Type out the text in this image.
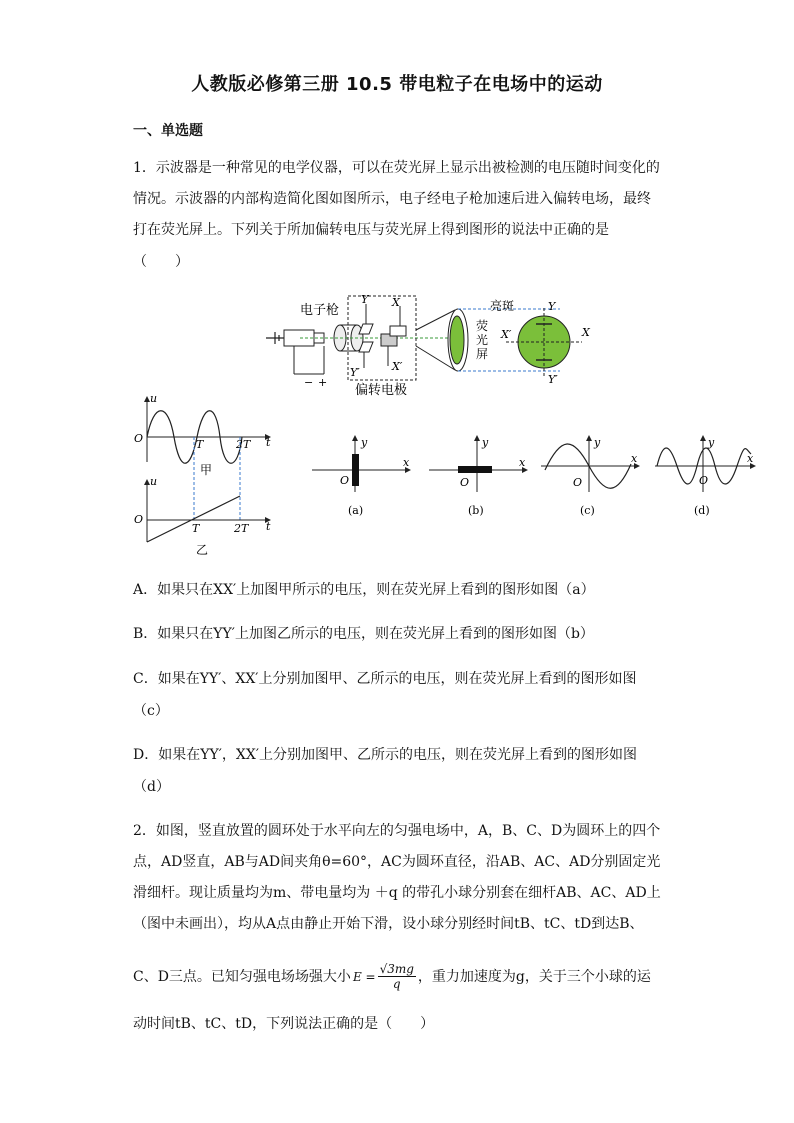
人教版必修第三册 10.5 带电粒子在电场中的运动
一、单选题
1．示波器是一种常见的电学仪器，可以在荧光屏上显示出被检测的电压随时间变化的
情况。示波器的内部构造简化图如图所示，电子经电子枪加速后进入偏转电场，最终
打在荧光屏上。下列关于所加偏转电压与荧光屏上得到图形的说法中正确的是
（　　）
电子枪
Y
Y′
X
X′
− +
偏转电极
亮斑
荧
光
屏
Y
Y′
X
X′
u
O	t
T	2T
甲
u
O
t
T	2T
乙
y
x
O
(a)
y
x
O
(b)
y
x
O
(c)
y
x
O
(d)
A．如果只在XX′上加图甲所示的电压，则在荧光屏上看到的图形如图（a）
B．如果只在YY′上加图乙所示的电压，则在荧光屏上看到的图形如图（b）
C．如果在YY′、XX′上分别加图甲、乙所示的电压，则在荧光屏上看到的图形如图
（c）
D．如果在YY′，XX′上分别加图甲、乙所示的电压，则在荧光屏上看到的图形如图
（d）
2．如图，竖直放置的圆环处于水平向左的匀强电场中，A，B、C、D为圆环上的四个
点，AD竖直，AB与AD间夹角θ=60°，AC为圆环直径，沿AB、AC、AD分别固定光
滑细杆。现让质量均为m、带电量均为 ＋q 的带孔小球分别套在细杆AB、AC、AD上
（图中未画出），均从A点由静止开始下滑，设小球分别经时间tB、tC、tD到达B、
C、D三点。已知匀强电场场强大小 $E = \frac{√3mg}{q}$ ，重力加速度为g，关于三个小球的运
动时间tB、tC、tD，下列说法正确的是（　　）
